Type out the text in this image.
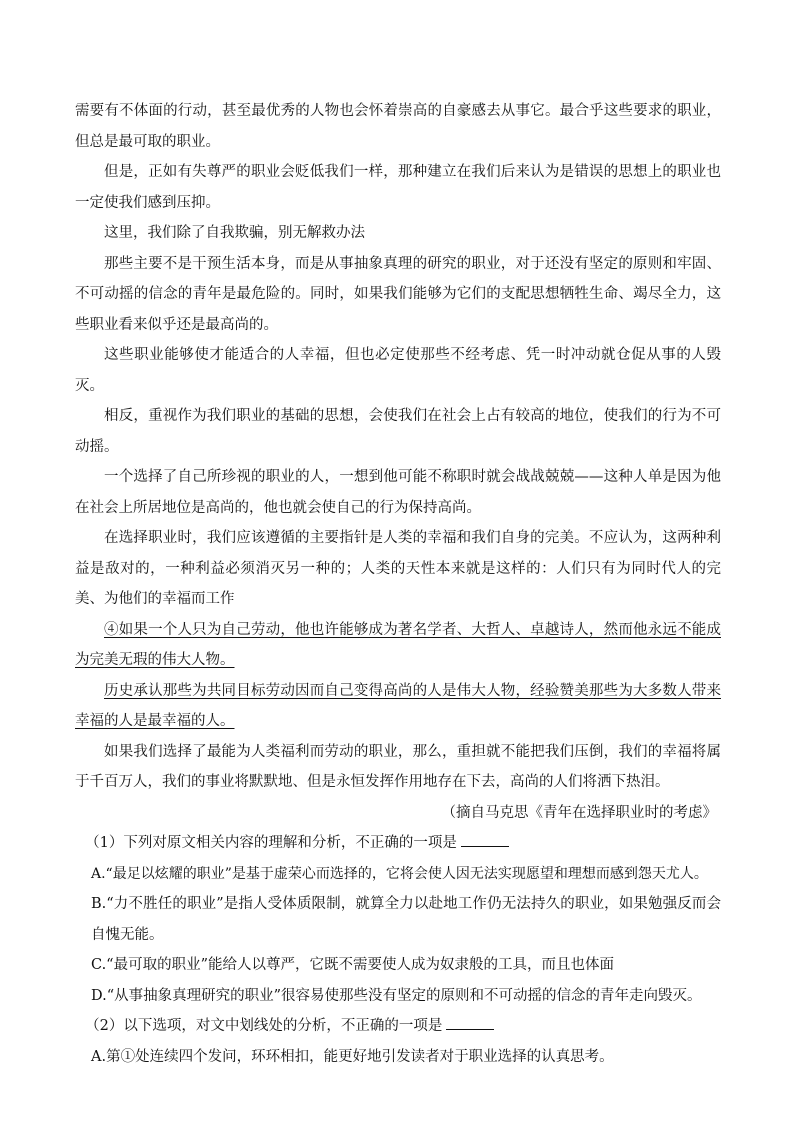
需要有不体面的行动，甚至最优秀的人物也会怀着崇高的自豪感去从事它。最合乎这些要求的职业，但总是最可取的职业。

但是，正如有失尊严的职业会贬低我们一样，那种建立在我们后来认为是错误的思想上的职业也一定使我们感到压抑。

这里，我们除了自我欺骗，别无解救办法

那些主要不是干预生活本身，而是从事抽象真理的研究的职业，对于还没有坚定的原则和牢固、不可动摇的信念的青年是最危险的。同时，如果我们能够为它们的支配思想牺牲生命、竭尽全力，这些职业看来似乎还是最高尚的。

这些职业能够使才能适合的人幸福，但也必定使那些不经考虑、凭一时冲动就仓促从事的人毁灭。

相反，重视作为我们职业的基础的思想，会使我们在社会上占有较高的地位，使我们的行为不可动摇。

一个选择了自己所珍视的职业的人，一想到他可能不称职时就会战战兢兢——这种人单是因为他在社会上所居地位是高尚的，他也就会使自己的行为保持高尚。

在选择职业时，我们应该遵循的主要指针是人类的幸福和我们自身的完美。不应认为，这两种利益是敌对的，一种利益必须消灭另一种的；人类的天性本来就是这样的：人们只有为同时代人的完美、为他们的幸福而工作

④如果一个人只为自己劳动，他也许能够成为著名学者、大哲人、卓越诗人，然而他永远不能成为完美无瑕的伟大人物。

历史承认那些为共同目标劳动因而自己变得高尚的人是伟大人物，经验赞美那些为大多数人带来幸福的人是最幸福的人。

如果我们选择了最能为人类福利而劳动的职业，那么，重担就不能把我们压倒，我们的幸福将属于千百万人，我们的事业将默默地、但是永恒发挥作用地存在下去，高尚的人们将洒下热泪。

（摘自马克思《青年在选择职业时的考虑》

（1）下列对原文相关内容的理解和分析，不正确的一项是

A.“最足以炫耀的职业”是基于虚荣心而选择的，它将会使人因无法实现愿望和理想而感到怨天尤人。

B.“力不胜任的职业”是指人受体质限制，就算全力以赴地工作仍无法持久的职业，如果勉强反而会自愧无能。

C.“最可取的职业”能给人以尊严，它既不需要使人成为奴隶般的工具，而且也体面

D.“从事抽象真理研究的职业”很容易使那些没有坚定的原则和不可动摇的信念的青年走向毁灭。

（2）以下选项，对文中划线处的分析，不正确的一项是

A.第①处连续四个发问，环环相扣，能更好地引发读者对于职业选择的认真思考。
